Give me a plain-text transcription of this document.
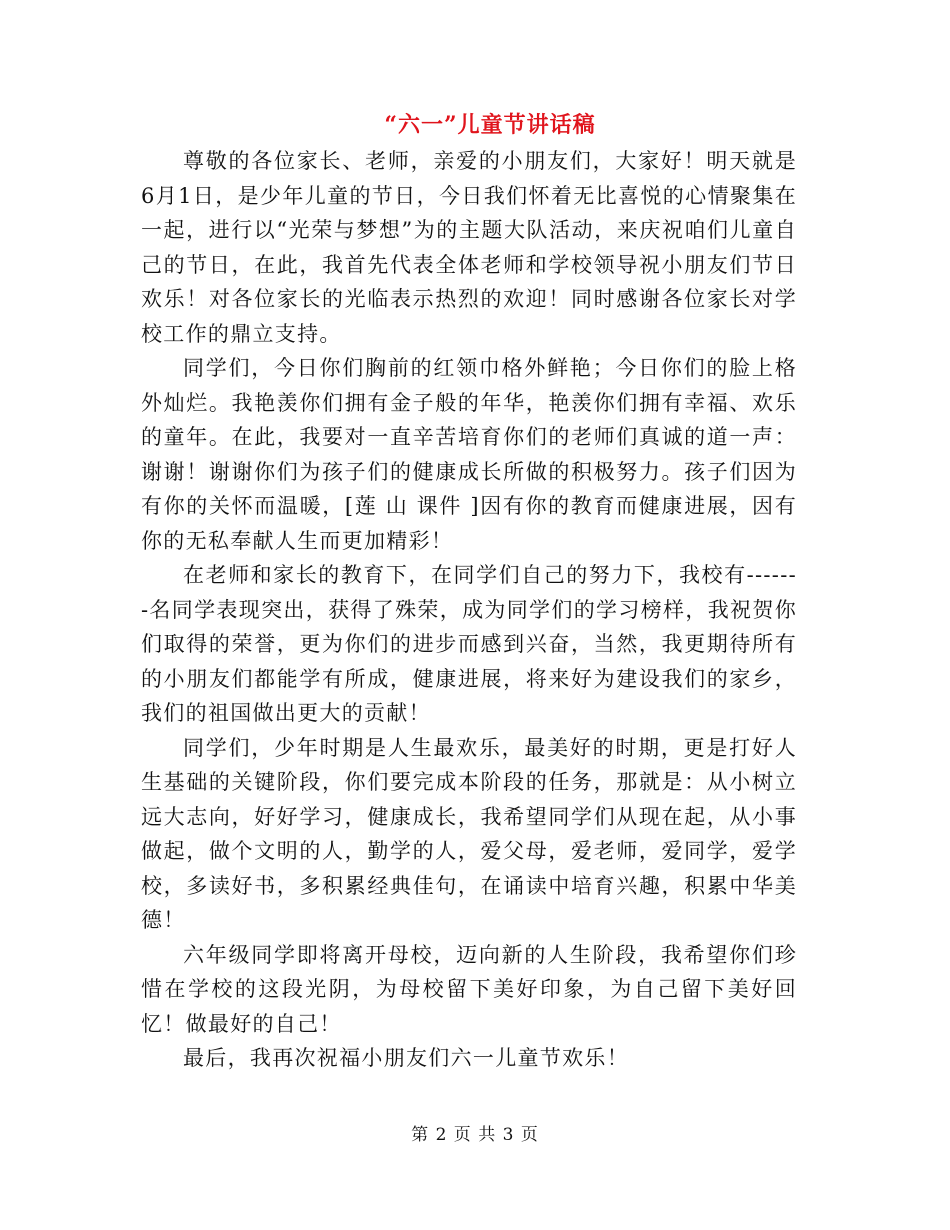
“六一”儿童节讲话稿

尊敬的各位家长、老师，亲爱的小朋友们，大家好！明天就是6月1日，是少年儿童的节日，今日我们怀着无比喜悦的心情聚集在一起，进行以“光荣与梦想”为的主题大队活动，来庆祝咱们儿童自己的节日，在此，我首先代表全体老师和学校领导祝小朋友们节日欢乐！对各位家长的光临表示热烈的欢迎！同时感谢各位家长对学校工作的鼎立支持。

同学们，今日你们胸前的红领巾格外鲜艳；今日你们的脸上格外灿烂。我艳羡你们拥有金子般的年华，艳羡你们拥有幸福、欢乐的童年。在此，我要对一直辛苦培育你们的老师们真诚的道一声：谢谢！谢谢你们为孩子们的健康成长所做的积极努力。孩子们因为有你的关怀而温暖，[莲 山 课件 ]因有你的教育而健康进展，因有你的无私奉献人生而更加精彩！

在老师和家长的教育下，在同学们自己的努力下，我校有-------名同学表现突出，获得了殊荣，成为同学们的学习榜样，我祝贺你们取得的荣誉，更为你们的进步而感到兴奋，当然，我更期待所有的小朋友们都能学有所成，健康进展，将来好为建设我们的家乡，我们的祖国做出更大的贡献！

同学们，少年时期是人生最欢乐，最美好的时期，更是打好人生基础的关键阶段，你们要完成本阶段的任务，那就是：从小树立远大志向，好好学习，健康成长，我希望同学们从现在起，从小事做起，做个文明的人，勤学的人，爱父母，爱老师，爱同学，爱学校，多读好书，多积累经典佳句，在诵读中培育兴趣，积累中华美德！

六年级同学即将离开母校，迈向新的人生阶段，我希望你们珍惜在学校的这段光阴，为母校留下美好印象，为自己留下美好回忆！做最好的自己！

最后，我再次祝福小朋友们六一儿童节欢乐！

第 2 页 共 3 页
